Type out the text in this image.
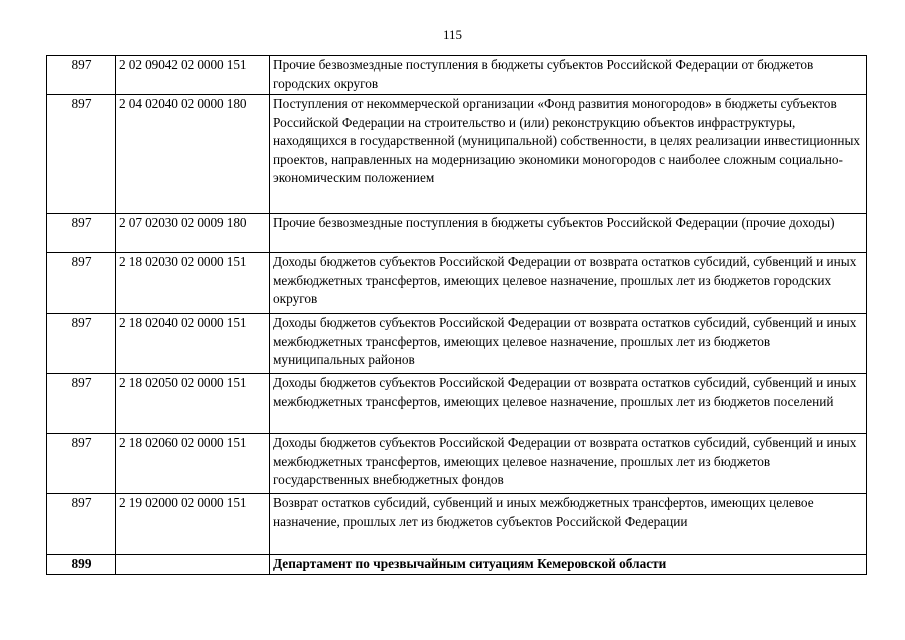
115
897	2 02 09042 02 0000 151	Прочие безвозмездные поступления в бюджеты субъектов Российской Федерации от бюджетов городских округов
897	2 04 02040 02 0000 180	Поступления от некоммерческой организации «Фонд развития моногородов» в бюджеты субъектов Российской Федерации на строительство и (или) реконструкцию объектов инфраструктуры, находящихся в государственной (муниципальной) собственности, в целях реализации инвестиционных проектов, направленных на модернизацию экономики моногородов с наиболее сложным социально-экономическим положением
897	2 07 02030 02 0009 180	Прочие безвозмездные поступления в бюджеты субъектов Российской Федерации (прочие доходы)
897	2 18 02030 02 0000 151	Доходы бюджетов субъектов Российской Федерации от возврата остатков субсидий, субвенций и иных межбюджетных трансфертов, имеющих целевое назначение, прошлых лет из бюджетов городских округов
897	2 18 02040 02 0000 151	Доходы бюджетов субъектов Российской Федерации от возврата остатков субсидий, субвенций и иных межбюджетных трансфертов, имеющих целевое назначение, прошлых лет из бюджетов муниципальных районов
897	2 18 02050 02 0000 151	Доходы бюджетов субъектов Российской Федерации от возврата остатков субсидий, субвенций и иных межбюджетных трансфертов, имеющих целевое назначение, прошлых лет из бюджетов поселений
897	2 18 02060 02 0000 151	Доходы бюджетов субъектов Российской Федерации от возврата остатков субсидий, субвенций и иных межбюджетных трансфертов, имеющих целевое назначение, прошлых лет из бюджетов государственных внебюджетных фондов
897	2 19 02000 02 0000 151	Возврат остатков субсидий, субвенций и иных межбюджетных трансфертов, имеющих целевое назначение, прошлых лет из бюджетов субъектов Российской Федерации
899		Департамент по чрезвычайным ситуациям Кемеровской области
